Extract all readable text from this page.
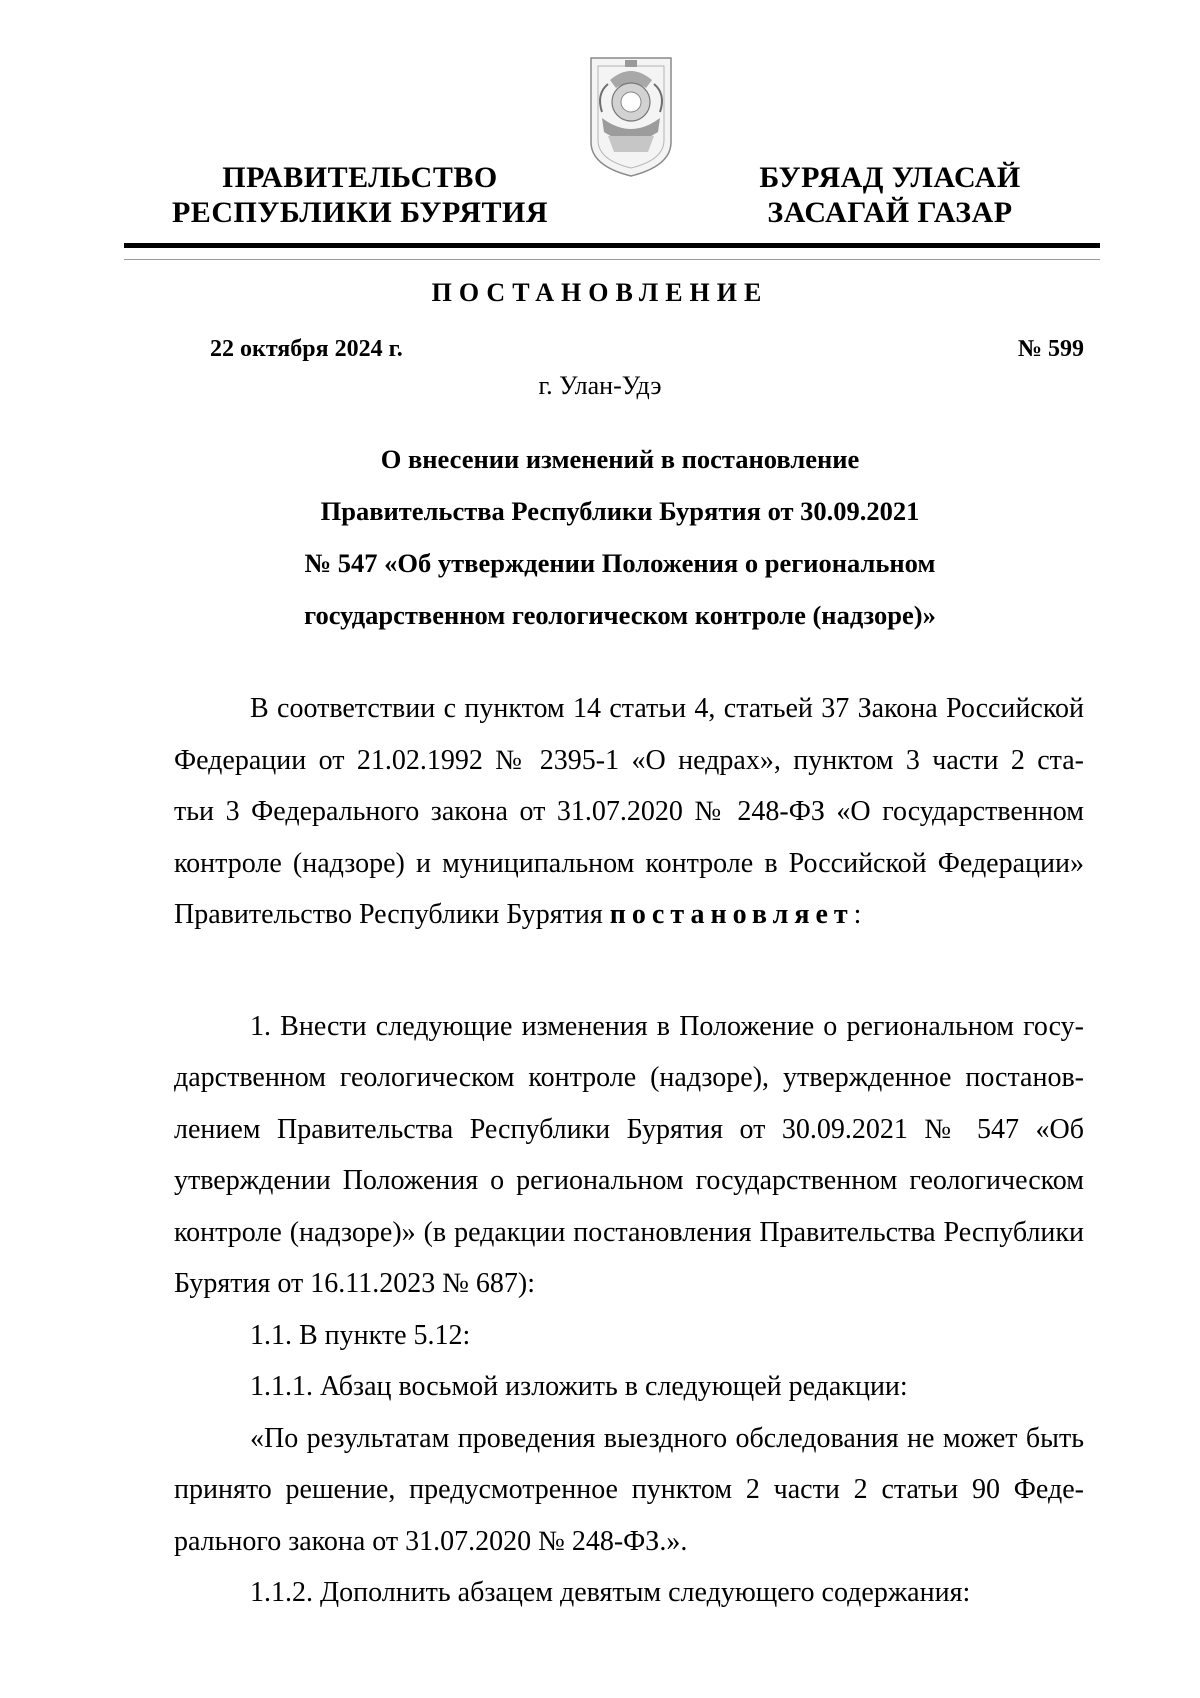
ПРАВИТЕЛЬСТВО
РЕСПУБЛИКИ БУРЯТИЯ
БУРЯАД УЛАСАЙ
ЗАСАГАЙ ГАЗАР
ПОСТАНОВЛЕНИЕ
22 октября 2024 г.	№ 599
г. Улан-Удэ
О внесении изменений в постановление
Правительства Республики Бурятия от 30.09.2021
№ 547 «Об утверждении Положения о региональном
государственном геологическом контроле (надзоре)»
В соответствии с пунктом 14 статьи 4, статьей 37 Закона Российской
Федерации от 21.02.1992 № 2395-1 «О недрах», пунктом 3 части 2 ста-
тьи 3 Федерального закона от 31.07.2020 № 248-ФЗ «О государственном
контроле (надзоре) и муниципальном контроле в Российской Федерации»
Правительство Республики Бурятия постановляет:
1. Внести следующие изменения в Положение о региональном госу-
дарственном геологическом контроле (надзоре), утвержденное постанов-
лением Правительства Республики Бурятия от 30.09.2021 № 547 «Об
утверждении Положения о региональном государственном геологическом
контроле (надзоре)» (в редакции постановления Правительства Республики
Бурятия от 16.11.2023 № 687):
1.1. В пункте 5.12:
1.1.1. Абзац восьмой изложить в следующей редакции:
«По результатам проведения выездного обследования не может быть
принято решение, предусмотренное пунктом 2 части 2 статьи 90 Феде-
рального закона от 31.07.2020 № 248-ФЗ.».
1.1.2. Дополнить абзацем девятым следующего содержания:
